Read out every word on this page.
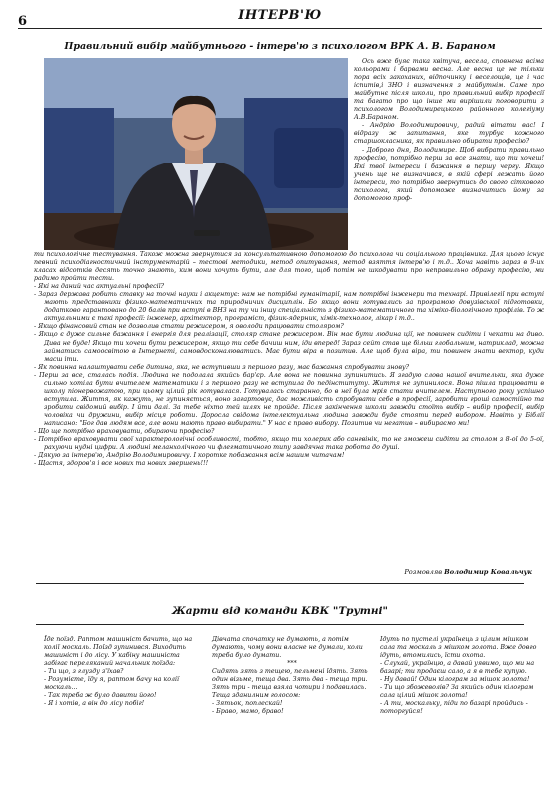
6	ІНТЕРВ'Ю
Правильний вибір майбутнього - інтерв'ю з психологом ВРК А. В. Бараном

Ось вже буяє така квітуча, весела, сповнена всіма кольорами і барвами весна. Але весна це не тільки пора всіх закоханих, відпочинку і веселощів, це і час іспитів,і ЗНО і визначення з майбутнім. Саме про майбутнє після школи, про правильний вибір професії та багато про що інше ми вирішили поговорити з психологом Володимирецького районного колегіуму А.В.Бараном.

- Андрію Володимировичу, радий вітати вас! І відразу ж запитання, яке турбує кожного старшокласника, як правильно обирати професію?

- Доброго дня, Володимире. Щоб вибрати правильно професію, потрібно перш за все знати, що ти хочеш! Які твої інтереси і бажання в першу чергу. Якщо учень ще не визначився, в якій сфері лежать його інтереси, то потрібно звернутись до свого сіткового психолога, який допоможе визначитись йому за допомогою проф-

ти психологічне тестування. Також можна звернутися за консультативною допомогою до психолога чи соціального працівника. Для цього існує певний психодіагностичний інструментарій – тестові методики, метод опитування, метод взяття інтерв'ю і т.д.. Хоча навіть зараз в 9-их класах відсотків десять точно знають, ким вони хочуть бути, але для того, щоб потім не шкодувати про неправильно обрану професію, ми радимо пройти тести.

- Які на даний час актуальні професії?

- Зараз держава робить ставку на точні науки і акцентує: нам не потрібні гуманітарії, нам потрібні інженери та технарі. Привілегії при вступі мають представники фізико-математичних та природничих дисциплін. Бо якщо вони готувались за програмою довузівської підготовки, додатково гарантовано до 20 балів при вступі в ВНЗ на ту чи іншу спеціальність з фізико-математичного та хіміко-біологічного профілів. То ж актуальними є такі професії: інженер, архітектор, програміст, фізик-ядерник, хімік-технолог, лікар і т.д..

- Якщо фінансовий стан не дозволив стати режисером, я оволоди працювати столяром?

- Якщо є дуже сильне бажання і енергія для реалізації, столяр стане режисером. Він має бути людина ції, не повинен сидіти і чекати на диво. Дива не буде! Якщо ти хочеш бути режисером, якщо ти себе бачиш ним, іди вперед! Зараз сейт став ще більш глобальним, натриклад, можна займатись самоосвітою в Інтернеті, самовдосконалюватись. Має бути віра в позитив. Але щоб була віра, ти повинен знати вектор, куди масш іти.

- Як повинна налаштувати себе дитина, яка, не вступивши з першого разу, має бажання спробувати знову?

- Перш за все, сталась подія. Людина не подолала якийсь бар'єр. Але вона не повинна зупинитись. Я згадую слова нашої вчительки, яка дуже сильно хотіла бути вчителем математики і з першого разу не вступила до педінституту. Життя не зупинилося. Вона пішла працювати в школу піонервожатою, при цьому цілий рік готувалася. Готувалась старанно, бо в неї була мрія стати вчителем. Наступного року успішно вступила. Життя, як кажуть, не зупиняється, воно загартовує, дає можливість спробувати себе в професії, заробити гроші самостійно та зробити свідомий вибір. І йти далі. За тебе ніхто тей шлях не пройде. Після закінчення школи завжди стоїть вибір – вибір професії, вибір чоловіка чи дружини, вибір місця роботи. Доросла свідома інтелектуальна людина завжди буде стояти перед вибором. Навіть у Біблії написано: "Бог дав людям все, але вони мають право вибирати." У нас є право вибору. Позитив чи негатив – вибираємо ми!

- Що ще потрібно враховувати, обираючи професію?

- Потрібно враховувати свої характерологічні особливості, тобто, якщо ти холерик або сангвінік, то не зможеш сидіти за столом з 8-ої до 5-ої, рахуючи нудні цифри. А людині меланхолічного чи флегматичного типу завдячна така робота до душі.

- Дякую за інтерв'ю, Андрію Володимировичу. І коротке побажання всім нашим читачам!

- Щастя, здоров'я і все нових та нових звершень!!!

Розмовляв Володимир Ковальчук
Жарти від команди КВК "Трутні"

Їде поїзд. Раптом машиніст бачить, що на колії москаль. Поїзд зупинився. Виходить машиніст і до лісу. У кабіну машиніста забігає переляканий начальник поїзда:
- Ти що, з глузду з'їхав?
- Розумієте, їду я, раптом бачу на колії москаль...
- Так треба ж було давити його!
- Я і хотів, а він до лісу побіг!

Дівчата спочатку не думають, а потім думають, чому вони власне не думали, коли треба було думати.

***

Сидять зять з тещею, пельмені їдять. Зять один візьме, теща два. Зять два - теща три. Зять три - теща взяла чотири і подавилась. Теща зданилним голосом:
- Зятьок, поплескай!
- Браво, мамо, браво!

Ідуть по пустелі українець з цілим мішком сала та москаль з мішком золота. Вже довго ідуть, втомились, їсти охота.
- Слухай, українцю, а давай уявимо, що ми на базарі; ти продаєш сало, а я в тебе купую.
- Ну давай! Один кілограм за мішок золота!
- Ти що збожеволів? За якийсь один кілограм сала цілий мішок золота!
- А ти, москальку, піди по базарі пройдись - поторгуйся!
